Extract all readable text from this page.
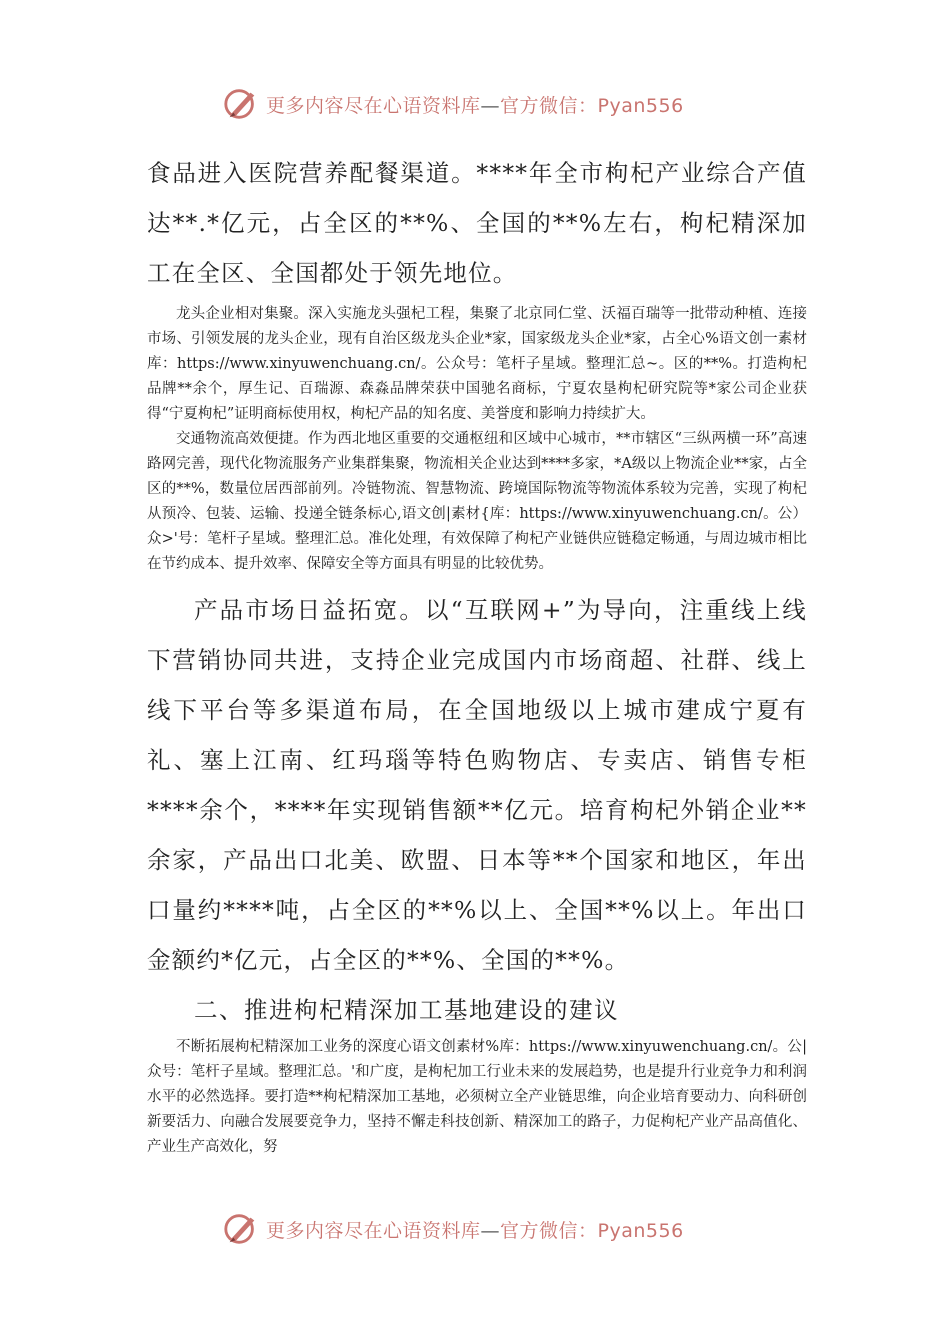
更多内容尽在心语资料库—官方微信：Pyan556

食品进入医院营养配餐渠道。****年全市枸杞产业综合产值达**.*亿元，占全区的**%、全国的**%左右，枸杞精深加工在全区、全国都处于领先地位。

龙头企业相对集聚。深入实施龙头强杞工程，集聚了北京同仁堂、沃福百瑞等一批带动种植、连接市场、引领发展的龙头企业，现有自治区级龙头企业*家，国家级龙头企业*家，占全心%语文创一素材库：https://www.xinyuwenchuang.cn/。公众号：笔杆子星域。整理汇总~。区的**%。打造枸杞品牌**余个，厚生记、百瑞源、森淼品牌荣获中国驰名商标，宁夏农垦枸杞研究院等*家公司企业获得“宁夏枸杞”证明商标使用权，枸杞产品的知名度、美誉度和影响力持续扩大。

交通物流高效便捷。作为西北地区重要的交通枢纽和区域中心城市，**市辖区“三纵两横一环”高速路网完善，现代化物流服务产业集群集聚，物流相关企业达到****多家，*A级以上物流企业**家，占全区的**%，数量位居西部前列。冷链物流、智慧物流、跨境国际物流等物流体系较为完善，实现了枸杞从预冷、包装、运输、投递全链条标心,语文创|素材{库：https://www.xinyuwenchuang.cn/。公）众>'号：笔杆子星域。整理汇总。准化处理，有效保障了枸杞产业链供应链稳定畅通，与周边城市相比在节约成本、提升效率、保障安全等方面具有明显的比较优势。

产品市场日益拓宽。以“互联网+”为导向，注重线上线下营销协同共进，支持企业完成国内市场商超、社群、线上线下平台等多渠道布局，在全国地级以上城市建成宁夏有礼、塞上江南、红玛瑙等特色购物店、专卖店、销售专柜****余个，****年实现销售额**亿元。培育枸杞外销企业**余家，产品出口北美、欧盟、日本等**个国家和地区，年出口量约****吨，占全区的**%以上、全国**%以上。年出口金额约*亿元，占全区的**%、全国的**%。

二、推进枸杞精深加工基地建设的建议

不断拓展枸杞精深加工业务的深度心语文创素材%库：https://www.xinyuwenchuang.cn/。公|众号：笔杆子星域。整理汇总。'和广度，是枸杞加工行业未来的发展趋势，也是提升行业竞争力和利润水平的必然选择。要打造**枸杞精深加工基地，必须树立全产业链思维，向企业培育要动力、向科研创新要活力、向融合发展要竞争力，坚持不懈走科技创新、精深加工的路子，力促枸杞产业产品高值化、产业生产高效化，努

更多内容尽在心语资料库—官方微信：Pyan556
